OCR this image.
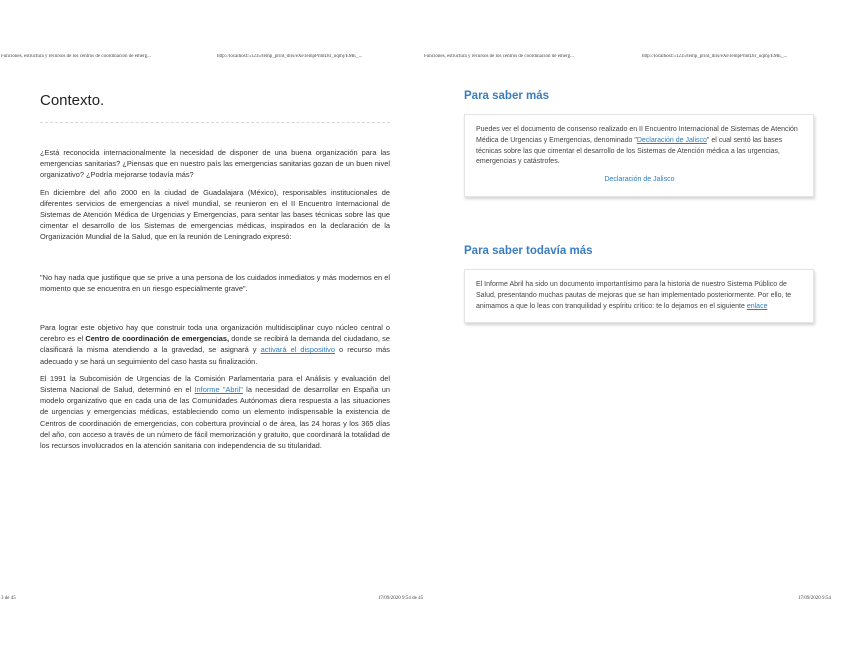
Funciones, estructura y recursos de los centros de coordinación de emerg...	http://localhost:51235/temp_print_dirs/eXeTempPrintDir_uqmj/EME_...	Funciones, estructura y recursos de los centros de coordinación de emerg...	http://localhost:51235/temp_print_dirs/eXeTempPrintDir_uqmj/EME_...
Contexto.

¿Está reconocida internacionalmente la necesidad de disponer de una buena organización para las emergencias sanitarias? ¿Piensas que en nuestro país las emergencias sanitarias gozan de un buen nivel organizativo? ¿Podría mejorarse todavía más?

En diciembre del año 2000 en la ciudad de Guadalajara (México), responsables institucionales de diferentes servicios de emergencias a nivel mundial, se reunieron en el II Encuentro Internacional de Sistemas de Atención Médica de Urgencias y Emergencias, para sentar las bases técnicas sobre las que cimentar el desarrollo de los Sistemas de emergencias médicas, inspirados en la declaración de la Organización Mundial de la Salud, que en la reunión de Leningrado expresó:

"No hay nada que justifique que se prive a una persona de los cuidados inmediatos y más modernos en el momento que se encuentra en un riesgo especialmente grave".

Para lograr este objetivo hay que construir toda una organización multidisciplinar cuyo núcleo central o cerebro es el Centro de coordinación de emergencias, donde se recibirá la demanda del ciudadano, se clasificará la misma atendiendo a la gravedad, se asignará y activará el dispositivo o recurso más adecuado y se hará un seguimiento del caso hasta su finalización.

El 1991 la Subcomisión de Urgencias de la Comisión Parlamentaria para el Análisis y evaluación del Sistema Nacional de Salud, determinó en el Informe "Abril" la necesidad de desarrollar en España un modelo organizativo que en cada una de las Comunidades Autónomas diera respuesta a las situaciones de urgencias y emergencias médicas, estableciendo como un elemento indispensable la existencia de Centros de coordinación de emergencias, con cobertura provincial o de área, las 24 horas y los 365 días del año, con acceso a través de un número de fácil memorización y gratuito, que coordinará la totalidad de los recursos involucrados en la atención sanitaria con independencia de su titularidad.

Para saber más

Puedes ver el documento de consenso realizado en II Encuentro Internacional de Sistemas de Atención Médica de Urgencias y Emergencias, denominado "Declaración de Jalisco" el cual sentó las bases técnicas sobre las que cimentar el desarrollo de los Sistemas de Atención médica a las urgencias, emergencias y catástrofes.

Declaración de Jalisco
Para saber todavía más

El Informe Abril ha sido un documento importantísimo para la historia de nuestro Sistema Público de Salud, presentando muchas pautas de mejoras que se han implementado posteriormente. Por ello, te animamos a que lo leas con tranquilidad y espíritu crítico: te lo dejamos en el siguiente enlace

3 de 45	17/09/2020 9:54 de 45	17/09/2020 9:54
